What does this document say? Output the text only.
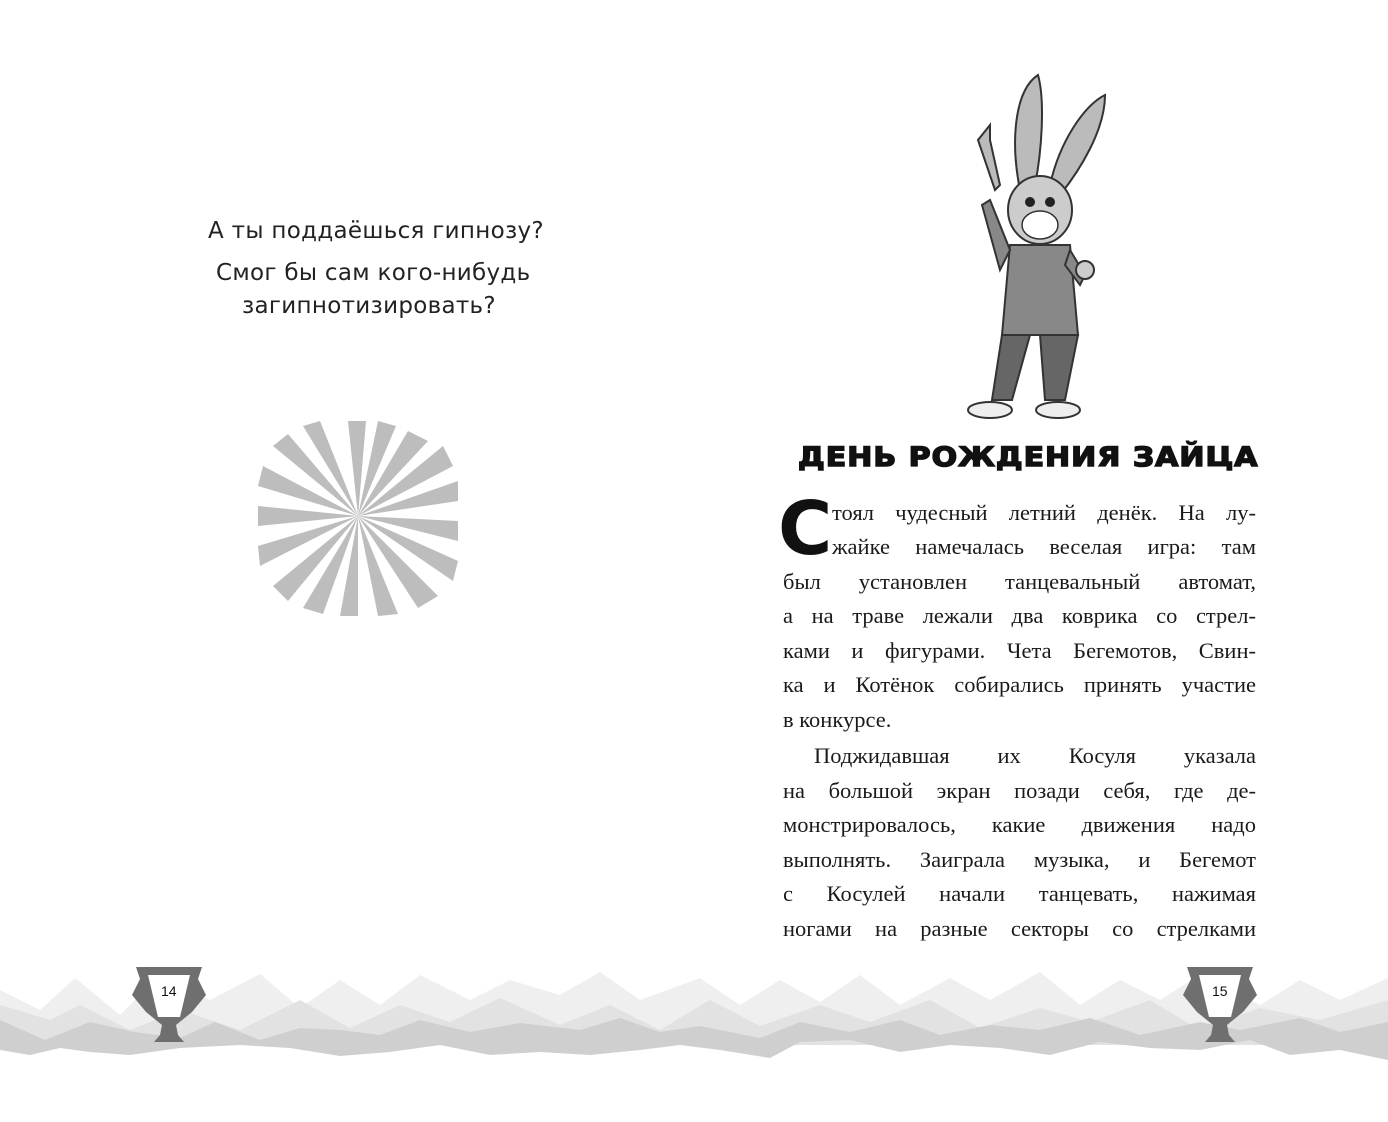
14	15
А ты поддаёшься гипнозу?
Смог бы сам кого-нибудь
загипнотизировать?
ДЕНЬ РОЖДЕНИЯ ЗАЙЦА
С тоял чудесный летний денёк. На лу-
жайке намечалась веселая игра: там
был установлен танцевальный автомат,
а на траве лежали два коврика со стрел-
ками и фигурами. Чета Бегемотов, Свин-
ка и Котёнок собирались принять участие
в конкурсе.
Поджидавшая их Косуля указала
на большой экран позади себя, где де-
монстрировалось, какие движения надо
выполнять. Заиграла музыка, и Бегемот
с Косулей начали танцевать, нажимая
ногами на разные секторы со стрелками
